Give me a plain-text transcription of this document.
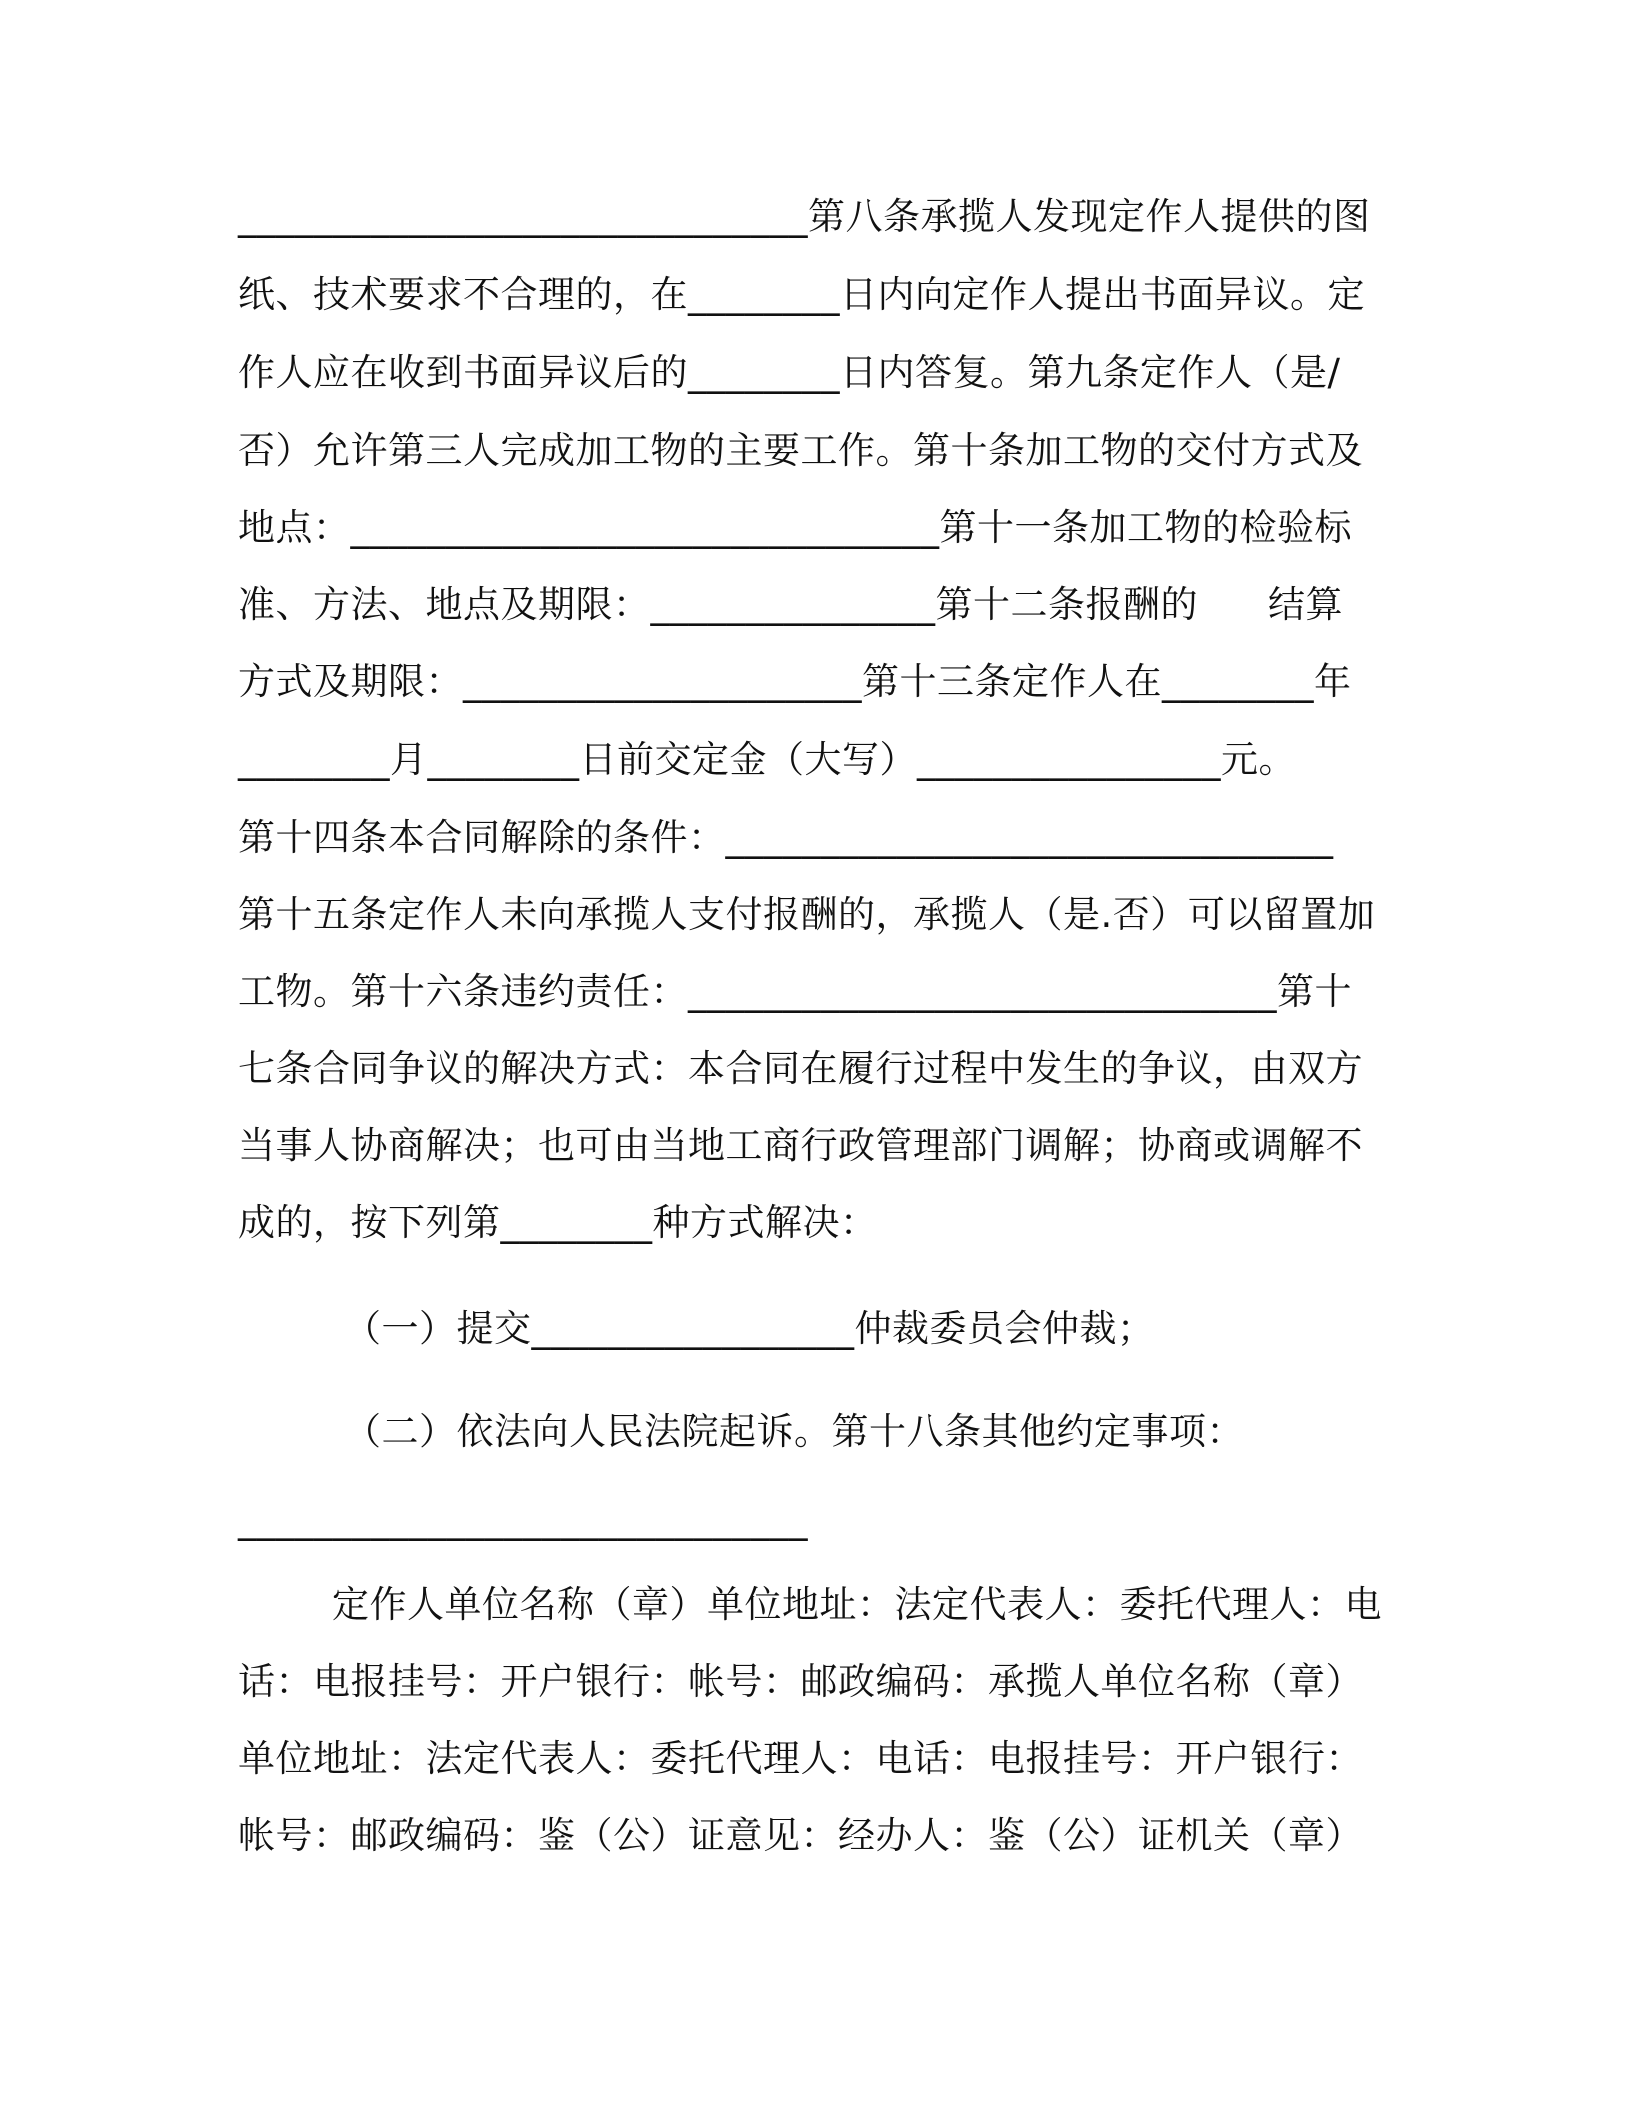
______________________________第八条承揽人发现定作人提供的图
纸、技术要求不合理的，在________日内向定作人提出书面异议。定
作人应在收到书面异议后的________日内答复。第九条定作人（是/
否）允许第三人完成加工物的主要工作。第十条加工物的交付方式及
地点：_______________________________第十一条加工物的检验标
准、方法、地点及期限：_______________第十二条报酬的 结算
方式及期限：_____________________第十三条定作人在________年
________月________日前交定金（大写）________________元。
第十四条本合同解除的条件：________________________________
第十五条定作人未向承揽人支付报酬的，承揽人（是.否）可以留置加
工物。第十六条违约责任：_______________________________第十
七条合同争议的解决方式：本合同在履行过程中发生的争议，由双方
当事人协商解决；也可由当地工商行政管理部门调解；协商或调解不
成的，按下列第________种方式解决：
（一）提交_________________仲裁委员会仲裁；
（二）依法向人民法院起诉。第十八条其他约定事项：
______________________________
定作人单位名称（章）单位地址：法定代表人：委托代理人：电
话：电报挂号：开户银行：帐号：邮政编码：承揽人单位名称（章）
单位地址：法定代表人：委托代理人：电话：电报挂号：开户银行：
帐号：邮政编码：鉴（公）证意见：经办人：鉴（公）证机关（章）
